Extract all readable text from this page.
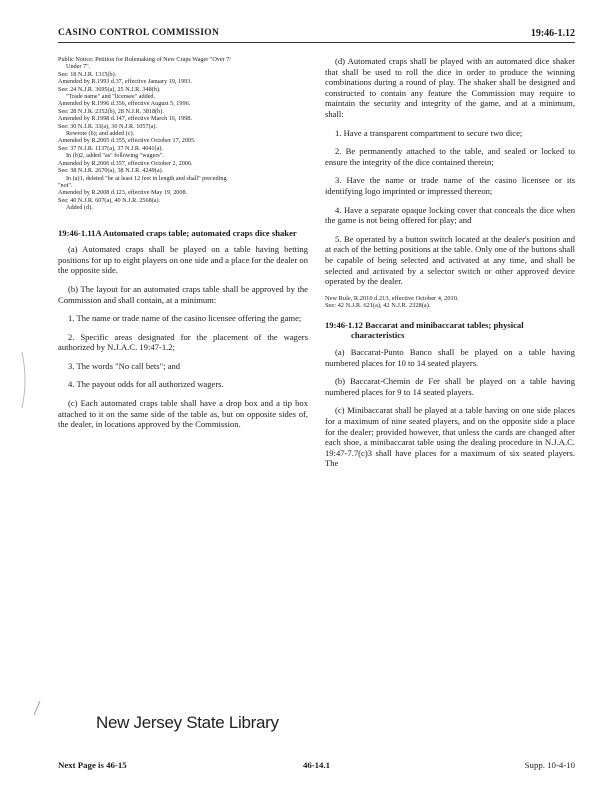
CASINO CONTROL COMMISSION	19:46-1.12
Public Notice: Petition for Rulemaking of New Craps Wager "Over 7/
Under 7".
See: 18 N.J.R. 1315(b).
Amended by R.1993 d.37, effective January 19, 1993.
See: 24 N.J.R. 3695(a), 25 N.J.R. 348(b).
"Trade name" and "licensee" added.
Amended by R.1996 d.356, effective August 5, 1996.
See: 28 N.J.R. 2352(b), 28 N.J.R. 3818(b).
Amended by R.1998 d.147, effective March 16, 1998.
See: 30 N.J.R. 33(a), 30 N.J.R. 1057(a).
Rewrote (b); and added (c).
Amended by R.2005 d.355, effective October 17, 2005.
See: 37 N.J.R. 1137(a), 37 N.J.R. 4041(a).
In (b)2, added "as" following "wagers".
Amended by R.2006 d.357, effective October 2, 2006.
See: 38 N.J.R. 2670(a), 38 N.J.R. 4249(a).
In (a)1, deleted "be at least 12 feet in length and shall" preceding
"not".
Amended by R.2008 d.123, effective May 19, 2008.
See: 40 N.J.R. 607(a), 40 N.J.R. 2568(a).
Added (d).
19:46-1.11A Automated craps table; automated craps dice shaker

(a) Automated craps shall be played on a table having betting positions for up to eight players on one side and a place for the dealer on the opposite side.

(b) The layout for an automated craps table shall be approved by the Commission and shall contain, at a minimum:

1. The name or trade name of the casino licensee offering the game;
2. Specific areas designated for the placement of the wagers authorized by N.J.A.C. 19:47-1.2;
3. The words "No call bets"; and
4. The payout odds for all authorized wagers.

(c) Each automated craps table shall have a drop box and a tip box attached to it on the same side of the table as, but on opposite sides of, the dealer, in locations approved by the Commission.

(d) Automated craps shall be played with an automated dice shaker that shall be used to roll the dice in order to produce the winning combinations during a round of play. The shaker shall be designed and constructed to contain any feature the Commission may require to maintain the security and integrity of the game, and at a minimum, shall:

1. Have a transparent compartment to secure two dice;
2. Be permanently attached to the table, and sealed or locked to ensure the integrity of the dice contained therein;
3. Have the name or trade name of the casino licensee or its identifying logo imprinted or impressed thereon;
4. Have a separate opaque locking cover that conceals the dice when the game is not being offered for play; and
5. Be operated by a button switch located at the dealer's position and at each of the betting positions at the table. Only one of the buttons shall be capable of being selected and activated at any time, and shall be selected and activated by a selector switch or other approved device operated by the dealer.
New Rule, R.2010 d.213, effective October 4, 2010.
See: 42 N.J.R. 621(a), 42 N.J.R. 2328(a).
19:46-1.12 Baccarat and minibaccarat tables; physical characteristics

(a) Baccarat-Punto Banco shall be played on a table having numbered places for 10 to 14 seated players.

(b) Baccarat-Chemin de Fer shall be played on a table having numbered places for 9 to 14 seated players.

(c) Minibaccarat shall be played at a table having on one side places for a maximum of nine seated players, and on the opposite side a place for the dealer; provided however, that unless the cards are changed after each shoe, a minibaccarat table using the dealing procedure in N.J.A.C. 19:47-7.7(c)3 shall have places for a maximum of six seated players. The

New Jersey State Library
Next Page is 46-15	46-14.1	Supp. 10-4-10
